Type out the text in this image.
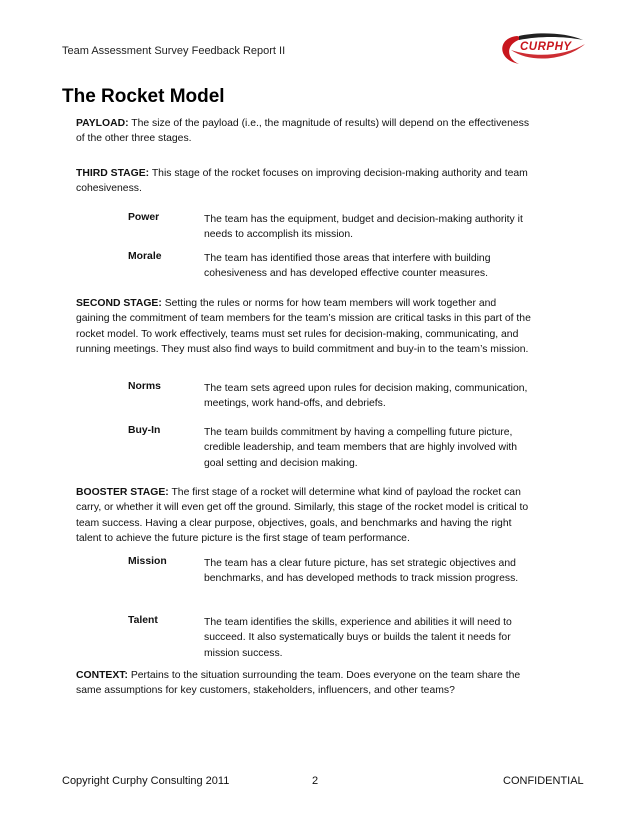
Team Assessment Survey Feedback Report II	CURPHY
The Rocket Model
PAYLOAD: The size of the payload (i.e., the magnitude of results) will depend on the effectiveness of the other three stages.
THIRD STAGE: This stage of the rocket focuses on improving decision-making authority and team cohesiveness.
Power	The team has the equipment, budget and decision-making authority it needs to accomplish its mission.
Morale	The team has identified those areas that interfere with building cohesiveness and has developed effective counter measures.
SECOND STAGE: Setting the rules or norms for how team members will work together and gaining the commitment of team members for the team’s mission are critical tasks in this part of the rocket model. To work effectively, teams must set rules for decision-making, communicating, and running meetings. They must also find ways to build commitment and buy-in to the team’s mission.
Norms	The team sets agreed upon rules for decision making, communication, meetings, work hand-offs, and debriefs.
Buy-In	The team builds commitment by having a compelling future picture, credible leadership, and team members that are highly involved with goal setting and decision making.
BOOSTER STAGE: The first stage of a rocket will determine what kind of payload the rocket can carry, or whether it will even get off the ground. Similarly, this stage of the rocket model is critical to team success. Having a clear purpose, objectives, goals, and benchmarks and having the right talent to achieve the future picture is the first stage of team performance.
Mission	The team has a clear future picture, has set strategic objectives and benchmarks, and has developed methods to track mission progress.
Talent	The team identifies the skills, experience and abilities it will need to succeed. It also systematically buys or builds the talent it needs for mission success.
CONTEXT: Pertains to the situation surrounding the team. Does everyone on the team share the same assumptions for key customers, stakeholders, influencers, and other teams?
Copyright Curphy Consulting 2011	2	CONFIDENTIAL
